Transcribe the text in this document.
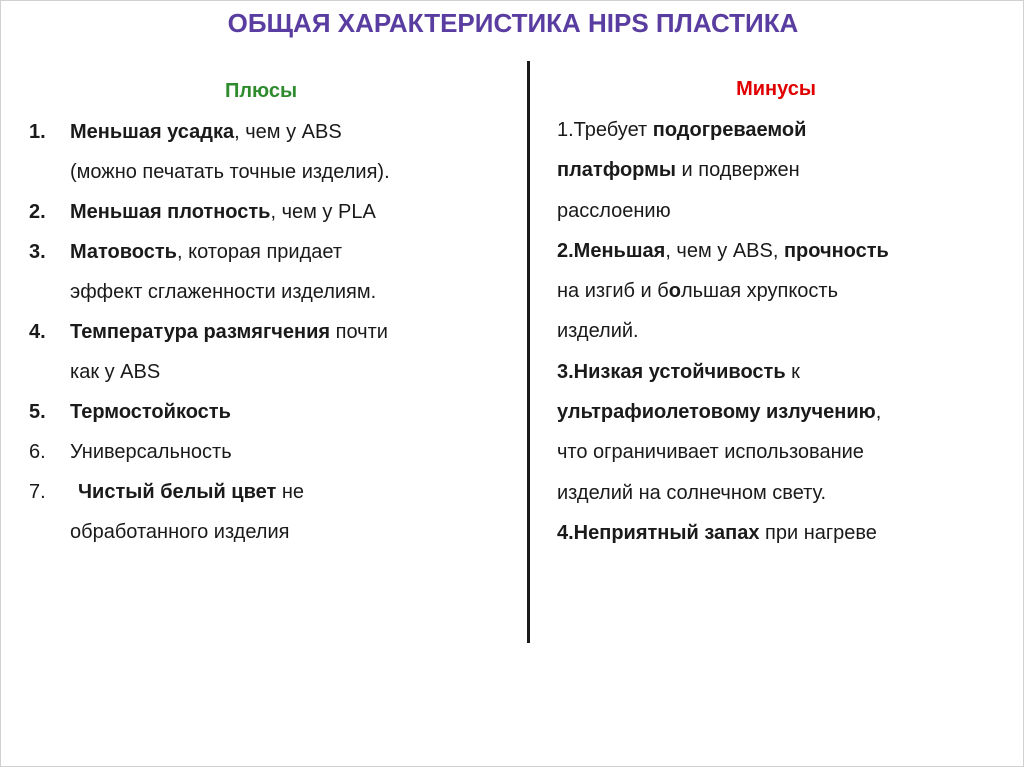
ОБЩАЯ ХАРАКТЕРИСТИКА HIPS ПЛАСТИКА
Плюсы	Минусы
1.	Меньшая усадка, чем у ABS
(можно печатать точные изделия).
2.	Меньшая плотность, чем у PLA
3.	Матовость, которая придает
эффект сглаженности изделиям.
4.	Температура размягчения почти
как у ABS
5.	Термостойкость
6.	Универсальность
7.	Чистый белый цвет не
обработанного изделия
1.Требует подогреваемой
платформы и подвержен
расслоению
2.Меньшая, чем у ABS, прочность
на изгиб и большая хрупкость
изделий.
3.Низкая устойчивость к
ультрафиолетовому излучению,
что ограничивает использование
изделий на солнечном свету.
4.Неприятный запах при нагреве
